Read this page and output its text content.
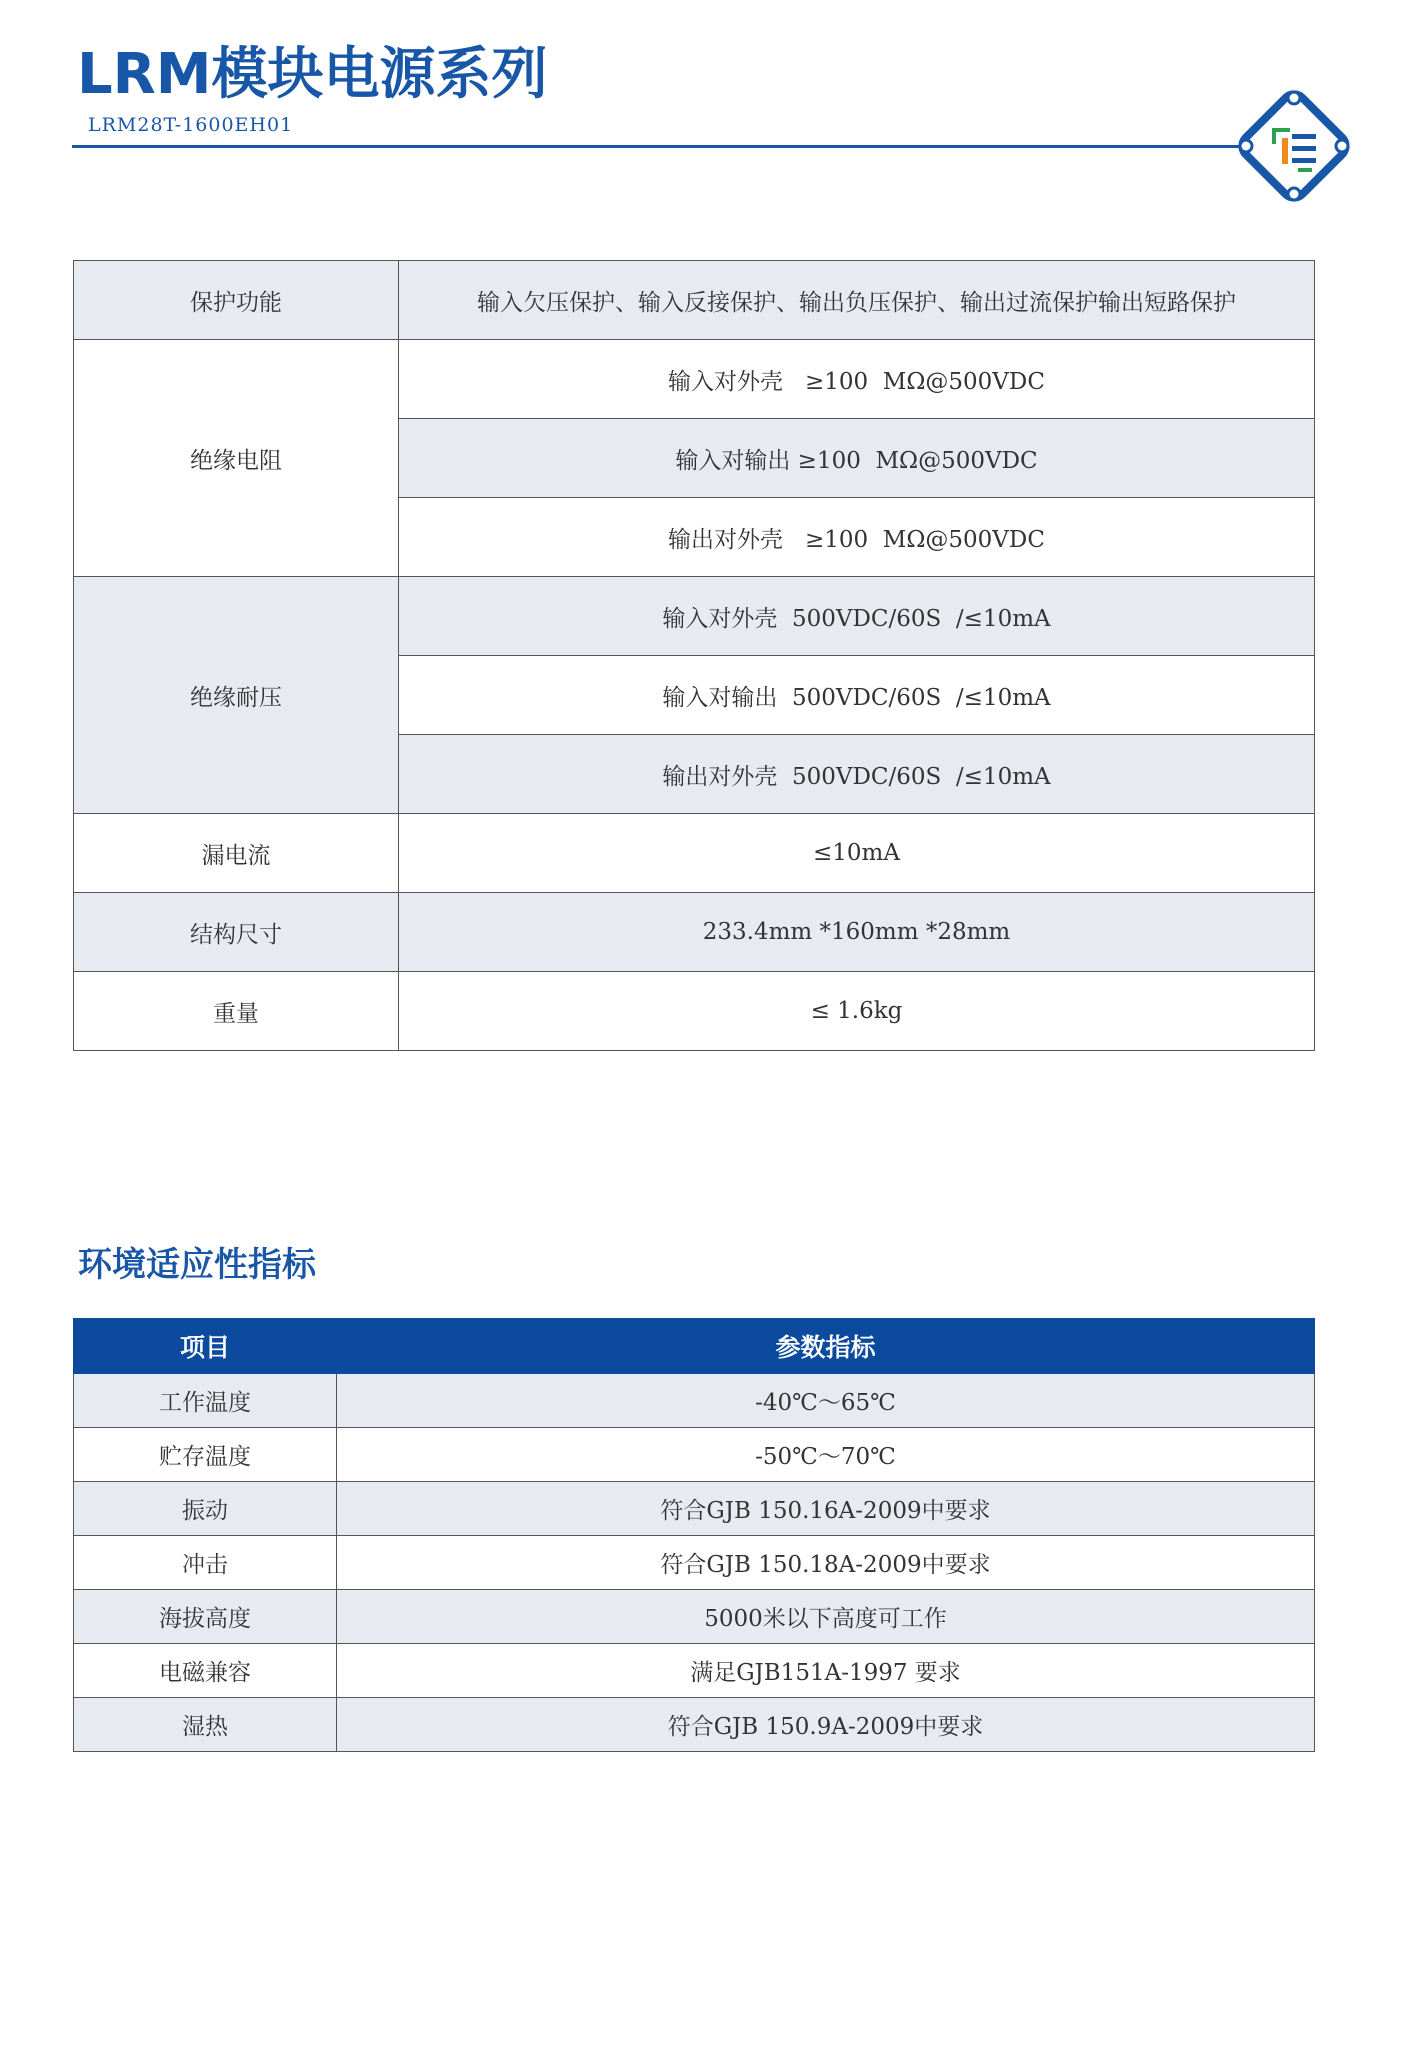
LRM模块电源系列
LRM28T-1600EH01
保护功能	输入欠压保护、输入反接保护、输出负压保护、输出过流保护输出短路保护
绝缘电阻	输入对外壳   ≥100  MΩ@500VDC
	输入对输出 ≥100  MΩ@500VDC
	输出对外壳   ≥100  MΩ@500VDC
绝缘耐压	输入对外壳  500VDC/60S  /≤10mA
	输入对输出  500VDC/60S  /≤10mA
	输出对外壳  500VDC/60S  /≤10mA
漏电流	≤10mA
结构尺寸	233.4mm *160mm *28mm
重量	≤ 1.6kg
环境适应性指标
项目	参数指标
工作温度	-40℃～65℃
贮存温度	-50℃～70℃
振动	符合GJB 150.16A-2009中要求
冲击	符合GJB 150.18A-2009中要求
海拔高度	5000米以下高度可工作
电磁兼容	满足GJB151A-1997 要求
湿热	符合GJB 150.9A-2009中要求
